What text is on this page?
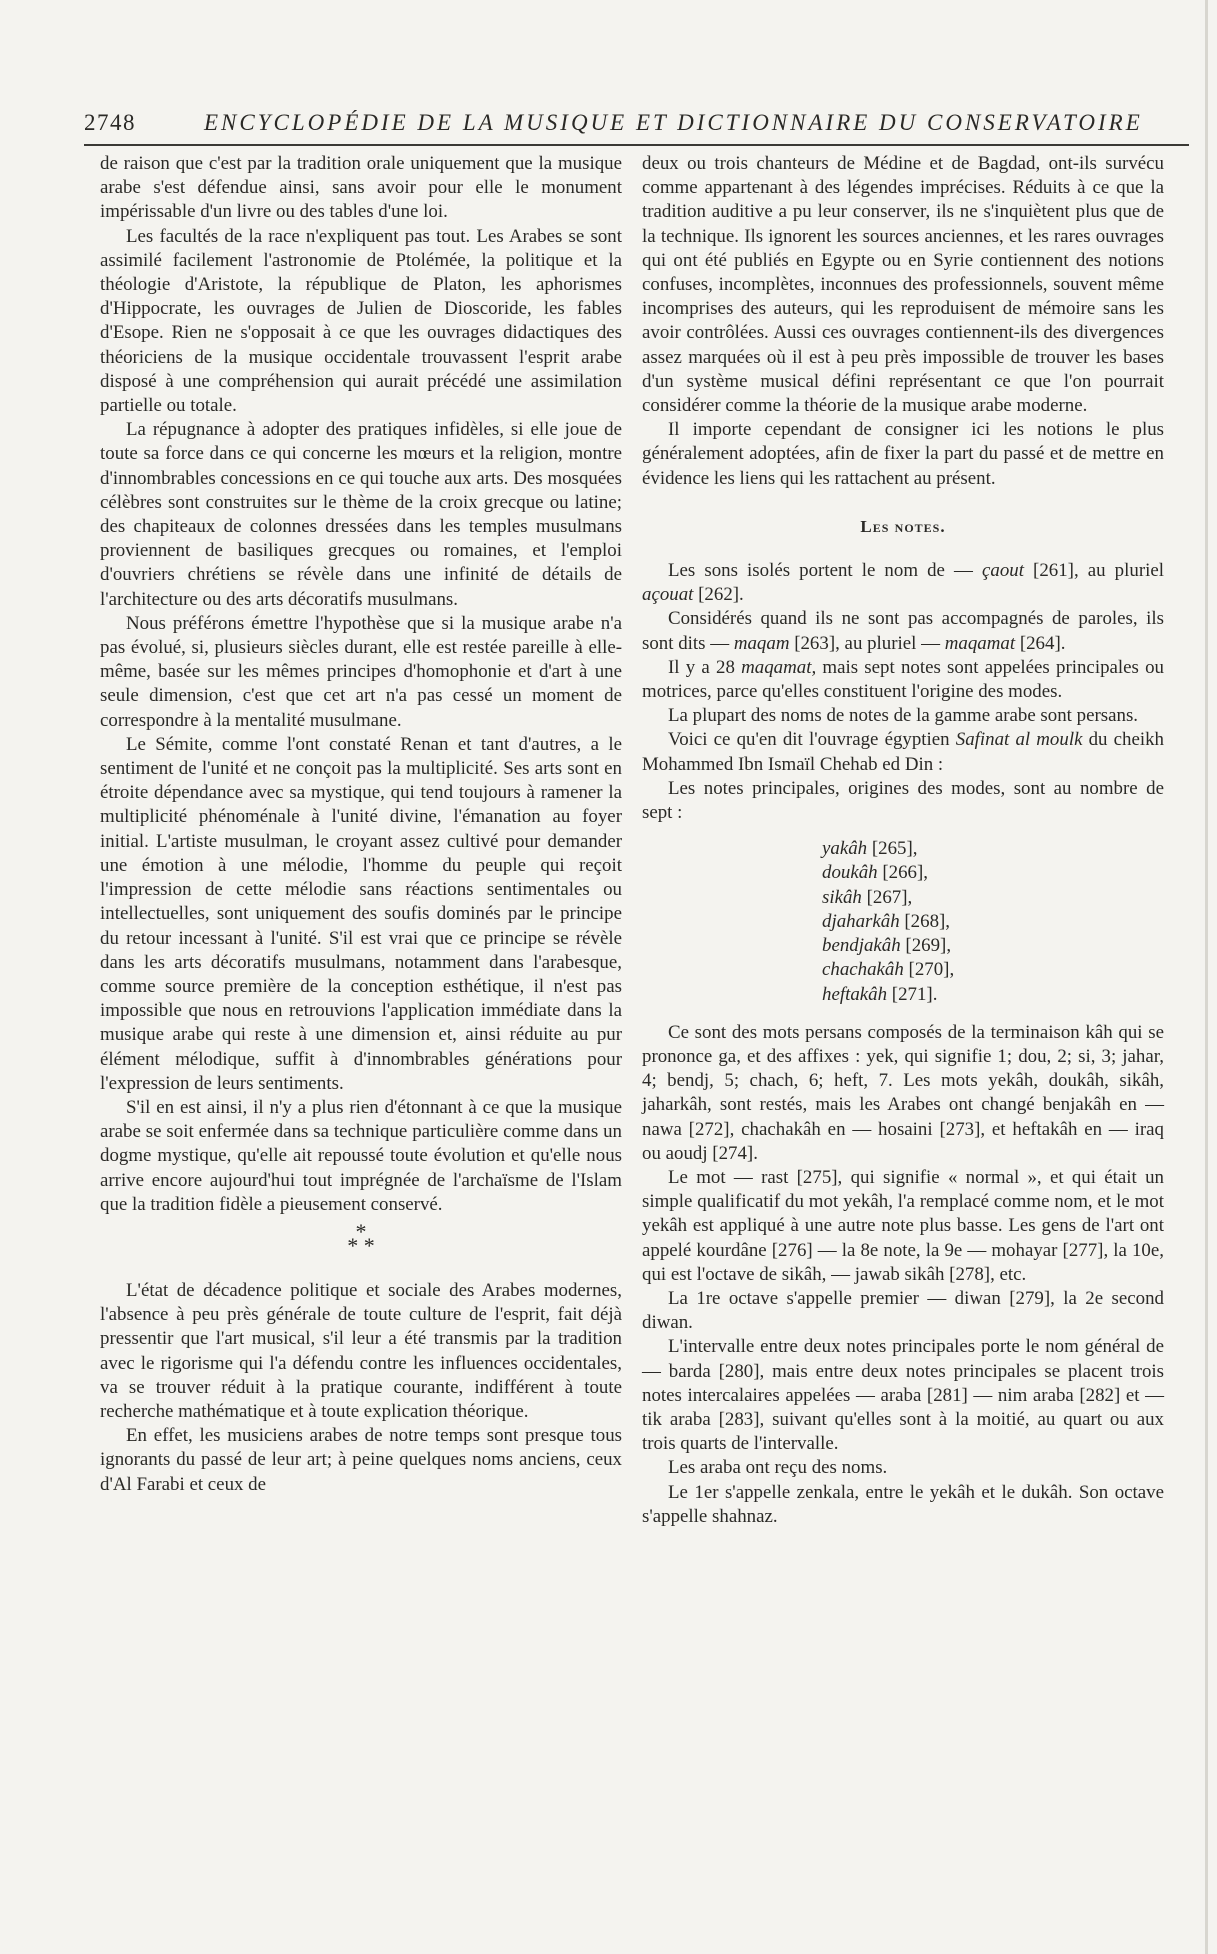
2748	ENCYCLOPÉDIE DE LA MUSIQUE ET DICTIONNAIRE DU CONSERVATOIRE

de raison que c'est par la tradition orale uniquement que la musique arabe s'est défendue ainsi, sans avoir pour elle le monument impérissable d'un livre ou des tables d'une loi.

Les facultés de la race n'expliquent pas tout. Les Arabes se sont assimilé facilement l'astronomie de Ptolémée, la politique et la théologie d'Aristote, la république de Platon, les aphorismes d'Hippocrate, les ouvrages de Julien de Dioscoride, les fables d'Esope. Rien ne s'opposait à ce que les ouvrages didactiques des théoriciens de la musique occidentale trouvassent l'esprit arabe disposé à une compréhension qui aurait précédé une assimilation partielle ou totale.

La répugnance à adopter des pratiques infidèles, si elle joue de toute sa force dans ce qui concerne les mœurs et la religion, montre d'innombrables concessions en ce qui touche aux arts. Des mosquées célèbres sont construites sur le thème de la croix grecque ou latine; des chapiteaux de colonnes dressées dans les temples musulmans proviennent de basiliques grecques ou romaines, et l'emploi d'ouvriers chrétiens se révèle dans une infinité de détails de l'architecture ou des arts décoratifs musulmans.

Nous préférons émettre l'hypothèse que si la musique arabe n'a pas évolué, si, plusieurs siècles durant, elle est restée pareille à elle-même, basée sur les mêmes principes d'homophonie et d'art à une seule dimension, c'est que cet art n'a pas cessé un moment de correspondre à la mentalité musulmane.

Le Sémite, comme l'ont constaté Renan et tant d'autres, a le sentiment de l'unité et ne conçoit pas la multiplicité. Ses arts sont en étroite dépendance avec sa mystique, qui tend toujours à ramener la multiplicité phénoménale à l'unité divine, l'émanation au foyer initial. L'artiste musulman, le croyant assez cultivé pour demander une émotion à une mélodie, l'homme du peuple qui reçoit l'impression de cette mélodie sans réactions sentimentales ou intellectuelles, sont uniquement des soufis dominés par le principe du retour incessant à l'unité. S'il est vrai que ce principe se révèle dans les arts décoratifs musulmans, notamment dans l'arabesque, comme source première de la conception esthétique, il n'est pas impossible que nous en retrouvions l'application immédiate dans la musique arabe qui reste à une dimension et, ainsi réduite au pur élément mélodique, suffit à d'innombrables générations pour l'expression de leurs sentiments.

S'il en est ainsi, il n'y a plus rien d'étonnant à ce que la musique arabe se soit enfermée dans sa technique particulière comme dans un dogme mystique, qu'elle ait repoussé toute évolution et qu'elle nous arrive encore aujourd'hui tout imprégnée de l'archaïsme de l'Islam que la tradition fidèle a pieusement conservé.

*
* *

L'état de décadence politique et sociale des Arabes modernes, l'absence à peu près générale de toute culture de l'esprit, fait déjà pressentir que l'art musical, s'il leur a été transmis par la tradition avec le rigorisme qui l'a défendu contre les influences occidentales, va se trouver réduit à la pratique courante, indifférent à toute recherche mathématique et à toute explication théorique.

En effet, les musiciens arabes de notre temps sont presque tous ignorants du passé de leur art; à peine quelques noms anciens, ceux d'Al Farabi et ceux de

deux ou trois chanteurs de Médine et de Bagdad, ont-ils survécu comme appartenant à des légendes imprécises. Réduits à ce que la tradition auditive a pu leur conserver, ils ne s'inquiètent plus que de la technique. Ils ignorent les sources anciennes, et les rares ouvrages qui ont été publiés en Egypte ou en Syrie contiennent des notions confuses, incomplètes, inconnues des professionnels, souvent même incomprises des auteurs, qui les reproduisent de mémoire sans les avoir contrôlées. Aussi ces ouvrages contiennent-ils des divergences assez marquées où il est à peu près impossible de trouver les bases d'un système musical défini représentant ce que l'on pourrait considérer comme la théorie de la musique arabe moderne.

Il importe cependant de consigner ici les notions le plus généralement adoptées, afin de fixer la part du passé et de mettre en évidence les liens qui les rattachent au présent.

Les notes.

Les sons isolés portent le nom de — çaout [261], au pluriel açouat [262].

Considérés quand ils ne sont pas accompagnés de paroles, ils sont dits — maqam [263], au pluriel — maqamat [264].

Il y a 28 maqamat, mais sept notes sont appelées principales ou motrices, parce qu'elles constituent l'origine des modes.

La plupart des noms de notes de la gamme arabe sont persans.

Voici ce qu'en dit l'ouvrage égyptien Safinat al moulk du cheikh Mohammed Ibn Ismaïl Chehab ed Din :

Les notes principales, origines des modes, sont au nombre de sept :

yakâh [265],
doukâh [266],
sikâh [267],
djaharkâh [268],
bendjakâh [269],
chachakâh [270],
heftakâh [271].

Ce sont des mots persans composés de la terminaison kâh qui se prononce ga, et des affixes : yek, qui signifie 1; dou, 2; si, 3; jahar, 4; bendj, 5; chach, 6; heft, 7. Les mots yekâh, doukâh, sikâh, jaharkâh, sont restés, mais les Arabes ont changé benjakâh en — nawa [272], chachakâh en — hosaini [273], et heftakâh en — iraq ou aoudj [274].

Le mot — rast [275], qui signifie « normal », et qui était un simple qualificatif du mot yekâh, l'a remplacé comme nom, et le mot yekâh est appliqué à une autre note plus basse. Les gens de l'art ont appelé kourdâne [276] — la 8e note, la 9e — mohayar [277], la 10e, qui est l'octave de sikâh, — jawab sikâh [278], etc.

La 1re octave s'appelle premier — diwan [279], la 2e second diwan.

L'intervalle entre deux notes principales porte le nom général de — barda [280], mais entre deux notes principales se placent trois notes intercalaires appelées — araba [281] — nim araba [282] et — tik araba [283], suivant qu'elles sont à la moitié, au quart ou aux trois quarts de l'intervalle.

Les araba ont reçu des noms.

Le 1er s'appelle zenkala, entre le yekâh et le dukâh. Son octave s'appelle shahnaz.
